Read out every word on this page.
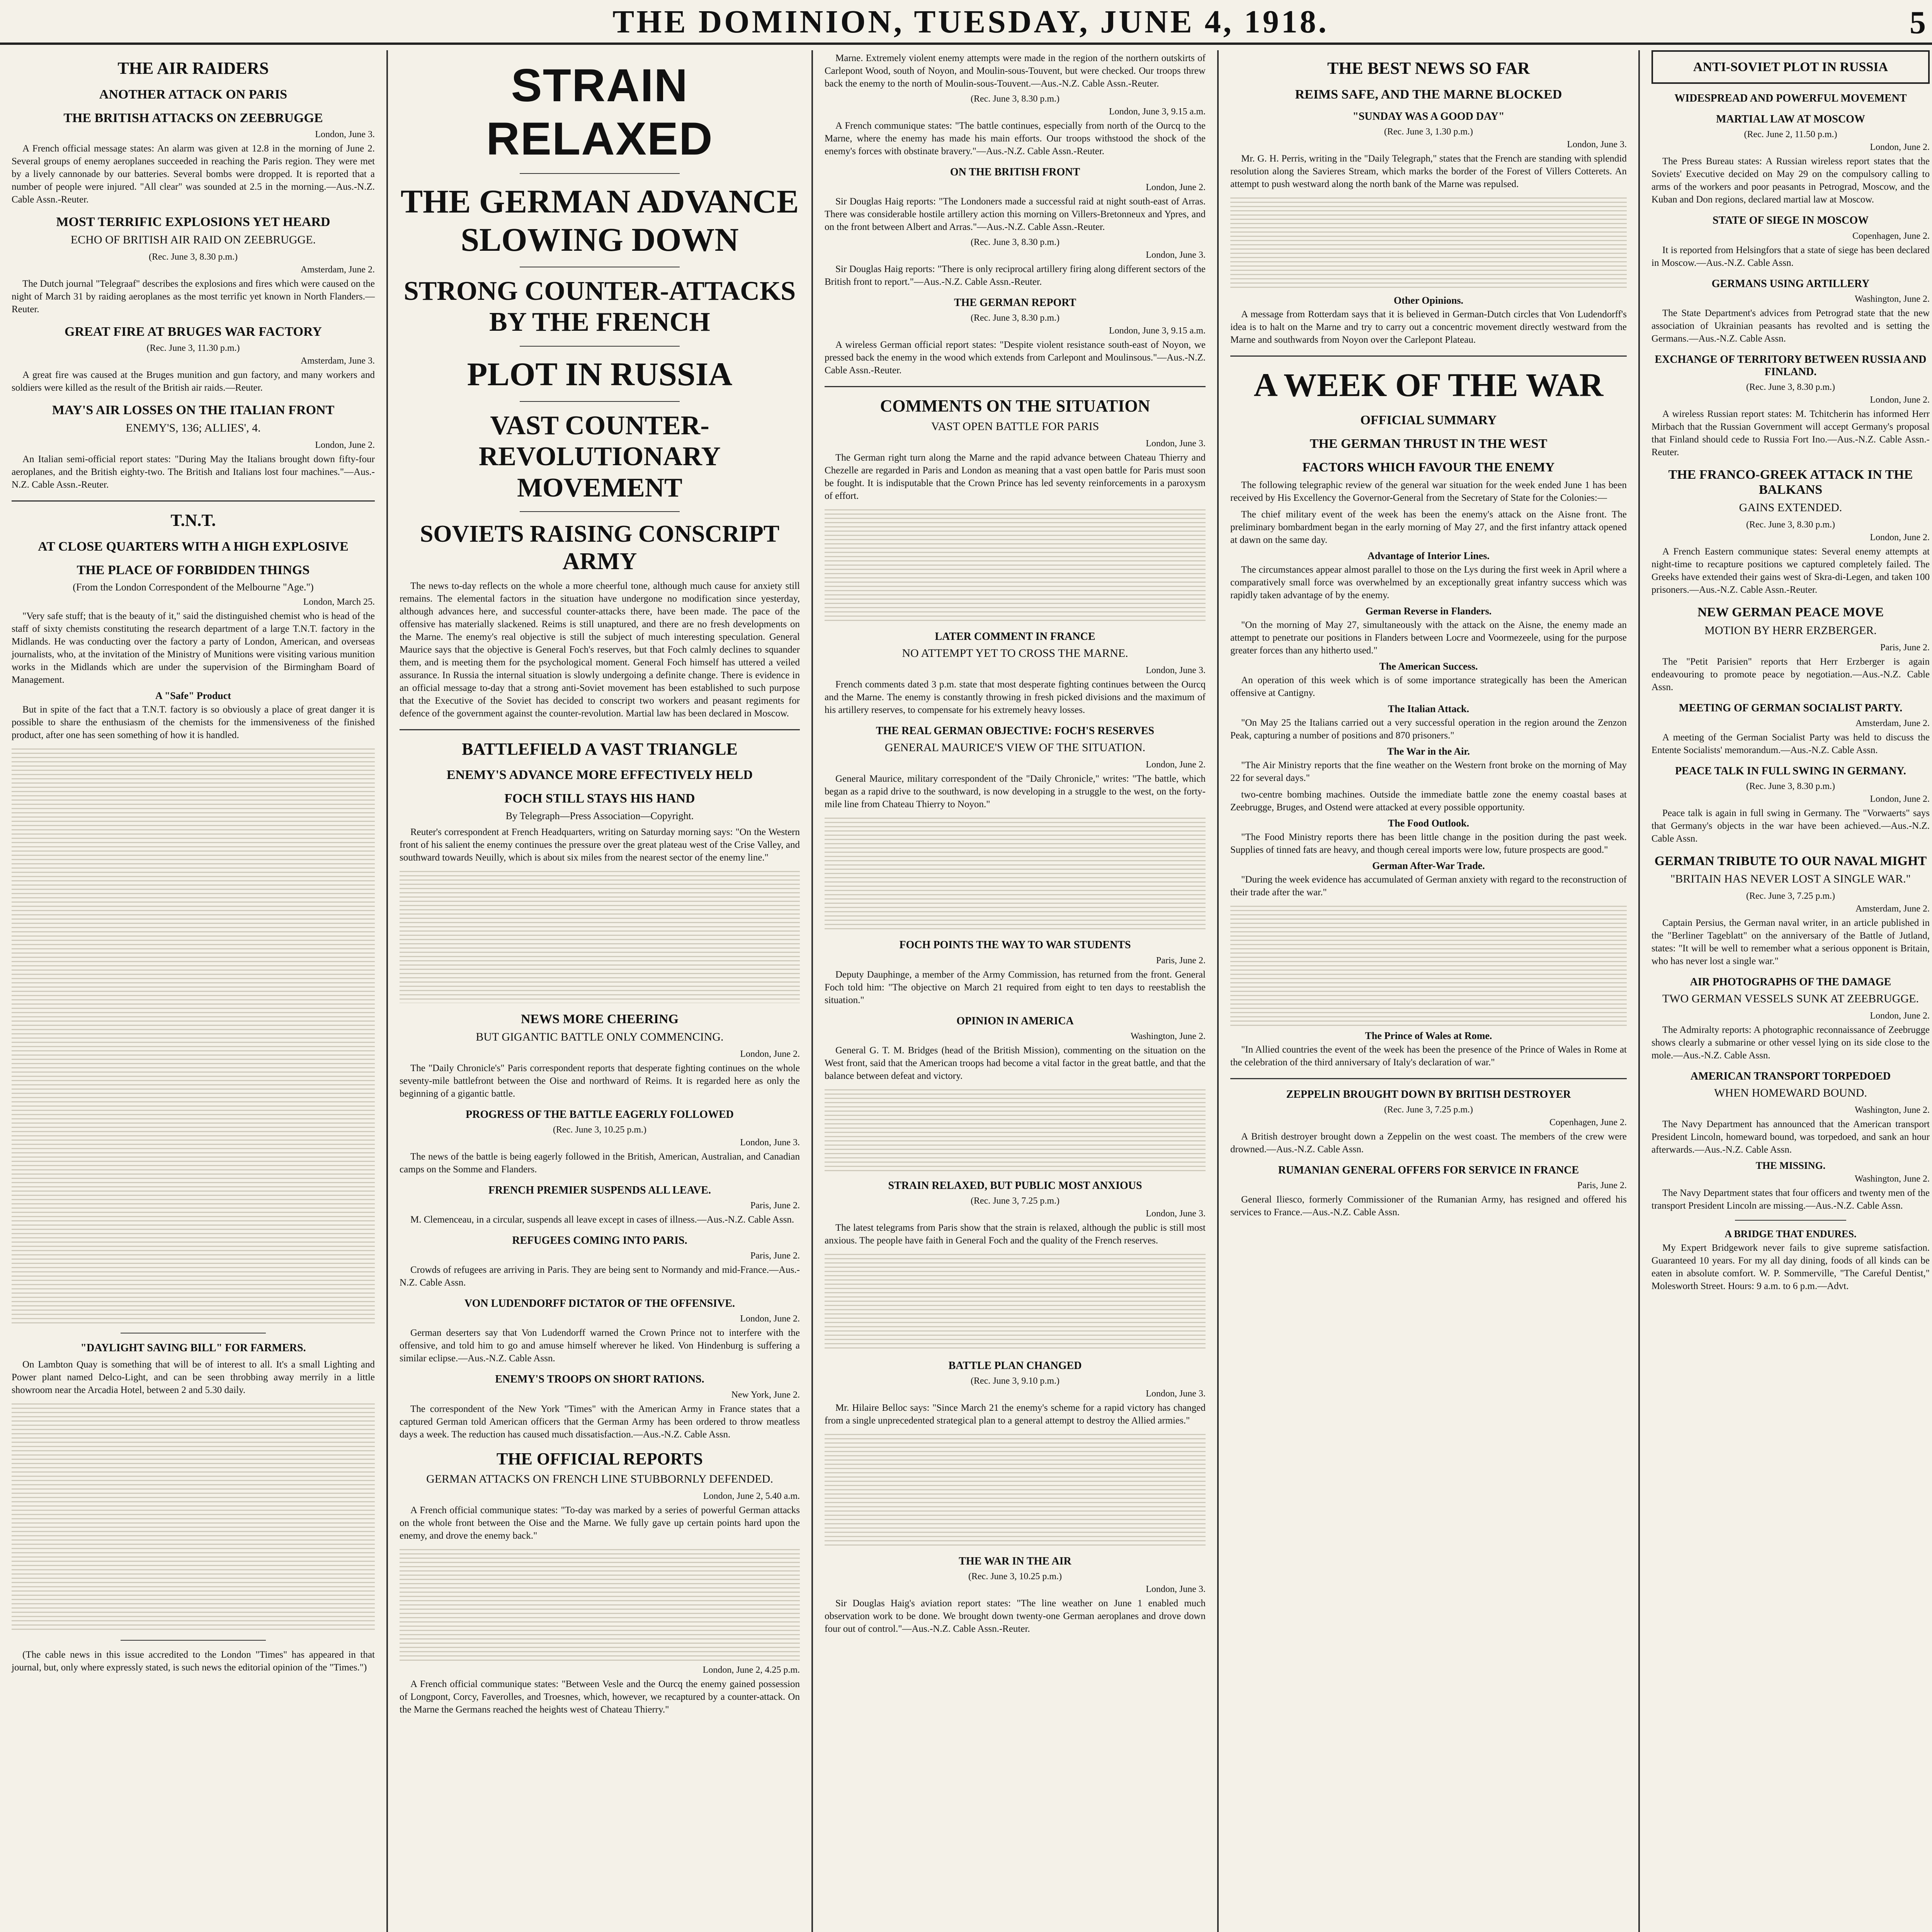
THE DOMINION, TUESDAY, JUNE 4, 1918.	5
THE AIR RAIDERS
ANOTHER ATTACK ON PARIS
THE BRITISH ATTACKS ON ZEEBRUGGE
London, June 3.

A French official message states: An alarm was given at 12.8 in the morning of June 2. Several groups of enemy aeroplanes succeeded in reaching the Paris region. They were met by a lively cannonade by our batteries. Several bombs were dropped. It is reported that a number of people were injured. "All clear" was sounded at 2.5 in the morning.—Aus.-N.Z. Cable Assn.-Reuter.

MOST TERRIFIC EXPLOSIONS YET HEARD
ECHO OF BRITISH AIR RAID ON ZEEBRUGGE.
(Rec. June 3, 8.30 p.m.)
Amsterdam, June 2.

The Dutch journal "Telegraaf" describes the explosions and fires which were caused on the night of March 31 by raiding aeroplanes as the most terrific yet known in North Flanders.—Reuter.

GREAT FIRE AT BRUGES WAR FACTORY
(Rec. June 3, 11.30 p.m.)
Amsterdam, June 3.

A great fire was caused at the Bruges munition and gun factory, and many workers and soldiers were killed as the result of the British air raids.—Reuter.

MAY'S AIR LOSSES ON THE ITALIAN FRONT
ENEMY'S, 136; ALLIES', 4.
London, June 2.

An Italian semi-official report states: "During May the Italians brought down fifty-four aeroplanes, and the British eighty-two. The British and Italians lost four machines."—Aus.-N.Z. Cable Assn.-Reuter.

T.N.T.
AT CLOSE QUARTERS WITH A HIGH EXPLOSIVE
THE PLACE OF FORBIDDEN THINGS
(From the London Correspondent of the Melbourne "Age.")
London, March 25.

"Very safe stuff; that is the beauty of it," said the distinguished chemist who is head of the staff of sixty chemists constituting the research department of a large T.N.T. factory in the Midlands. He was conducting over the factory a party of London, American, and overseas journalists, who, at the invitation of the Ministry of Munitions were visiting various munition works in the Midlands which are under the supervision of the Birmingham Board of Management.

A "Safe" Product

But in spite of the fact that a T.N.T. factory is so obviously a place of great danger it is possible to share the enthusiasm of the chemists for the immensiveness of the finished product, after one has seen something of how it is handled.

"DAYLIGHT SAVING BILL" FOR FARMERS.

On Lambton Quay is something that will be of interest to all. It's a small Lighting and Power plant named Delco-Light, and can be seen throbbing away merrily in a little showroom near the Arcadia Hotel, between 2 and 5.30 daily.

(The cable news in this issue accredited to the London "Times" has appeared in that journal, but, only where expressly stated, is such news the editorial opinion of the "Times.")

STRAIN RELAXED
THE GERMAN ADVANCE SLOWING DOWN
STRONG COUNTER-ATTACKS BY THE FRENCH
PLOT IN RUSSIA
VAST COUNTER-REVOLUTIONARY MOVEMENT
SOVIETS RAISING CONSCRIPT ARMY

The news to-day reflects on the whole a more cheerful tone, although much cause for anxiety still remains. The elemental factors in the situation have undergone no modification since yesterday, although advances here, and successful counter-attacks there, have been made. The pace of the offensive has materially slackened. Reims is still unaptured, and there are no fresh developments on the Marne. The enemy's real objective is still the subject of much interesting speculation. General Maurice says that the objective is General Foch's reserves, but that Foch calmly declines to squander them, and is meeting them for the psychological moment. General Foch himself has uttered a veiled assurance. In Russia the internal situation is slowly undergoing a definite change. There is evidence in an official message to-day that a strong anti-Soviet movement has been established to such purpose that the Executive of the Soviet has decided to conscript two workers and peasant regiments for defence of the government against the counter-revolution. Martial law has been declared in Moscow.

BATTLEFIELD A VAST TRIANGLE
ENEMY'S ADVANCE MORE EFFECTIVELY HELD
FOCH STILL STAYS HIS HAND
By Telegraph—Press Association—Copyright.

Reuter's correspondent at French Headquarters, writing on Saturday morning says: "On the Western front of his salient the enemy continues the pressure over the great plateau west of the Crise Valley, and southward towards Neuilly, which is about six miles from the nearest sector of the enemy line."

NEWS MORE CHEERING
BUT GIGANTIC BATTLE ONLY COMMENCING.
London, June 2.

The "Daily Chronicle's" Paris correspondent reports that desperate fighting continues on the whole seventy-mile battlefront between the Oise and northward of Reims. It is regarded here as only the beginning of a gigantic battle.

PROGRESS OF THE BATTLE EAGERLY FOLLOWED
(Rec. June 3, 10.25 p.m.)
London, June 3.

The news of the battle is being eagerly followed in the British, American, Australian, and Canadian camps on the Somme and Flanders.

FRENCH PREMIER SUSPENDS ALL LEAVE.
Paris, June 2.

M. Clemenceau, in a circular, suspends all leave except in cases of illness.—Aus.-N.Z. Cable Assn.

REFUGEES COMING INTO PARIS.
Paris, June 2.

Crowds of refugees are arriving in Paris. They are being sent to Normandy and mid-France.—Aus.-N.Z. Cable Assn.

VON LUDENDORFF DICTATOR OF THE OFFENSIVE.
London, June 2.

German deserters say that Von Ludendorff warned the Crown Prince not to interfere with the offensive, and told him to go and amuse himself wherever he liked. Von Hindenburg is suffering a similar eclipse.—Aus.-N.Z. Cable Assn.

ENEMY'S TROOPS ON SHORT RATIONS.
New York, June 2.

The correspondent of the New York "Times" with the American Army in France states that a captured German told American officers that the German Army has been ordered to throw meatless days a week. The reduction has caused much dissatisfaction.—Aus.-N.Z. Cable Assn.

THE OFFICIAL REPORTS
GERMAN ATTACKS ON FRENCH LINE STUBBORNLY DEFENDED.
London, June 2, 5.40 a.m.

A French official communique states: "To-day was marked by a series of powerful German attacks on the whole front between the Oise and the Marne. We fully gave up certain points hard upon the enemy, and drove the enemy back."

London, June 2, 4.25 p.m.

A French official communique states: "Between Vesle and the Ourcq the enemy gained possession of Longpont, Corcy, Faverolles, and Troesnes, which, however, we recaptured by a counter-attack. On the Marne the Germans reached the heights west of Chateau Thierry."

Marne. Extremely violent enemy attempts were made in the region of the northern outskirts of Carlepont Wood, south of Noyon, and Moulin-sous-Touvent, but were checked. Our troops threw back the enemy to the north of Moulin-sous-Touvent.—Aus.-N.Z. Cable Assn.-Reuter.

(Rec. June 3, 8.30 p.m.)
London, June 3, 9.15 a.m.

A French communique states: "The battle continues, especially from north of the Ourcq to the Marne, where the enemy has made his main efforts. Our troops withstood the shock of the enemy's forces with obstinate bravery."—Aus.-N.Z. Cable Assn.-Reuter.

ON THE BRITISH FRONT
London, June 2.

Sir Douglas Haig reports: "The Londoners made a successful raid at night south-east of Arras. There was considerable hostile artillery action this morning on Villers-Bretonneux and Ypres, and on the front between Albert and Arras."—Aus.-N.Z. Cable Assn.-Reuter.

(Rec. June 3, 8.30 p.m.)
London, June 3.

Sir Douglas Haig reports: "There is only reciprocal artillery firing along different sectors of the British front to report."—Aus.-N.Z. Cable Assn.-Reuter.

THE GERMAN REPORT
(Rec. June 3, 8.30 p.m.)
London, June 3, 9.15 a.m.

A wireless German official report states: "Despite violent resistance south-east of Noyon, we pressed back the enemy in the wood which extends from Carlepont and Moulinsous."—Aus.-N.Z. Cable Assn.-Reuter.

COMMENTS ON THE SITUATION
VAST OPEN BATTLE FOR PARIS
London, June 3.

The German right turn along the Marne and the rapid advance between Chateau Thierry and Chezelle are regarded in Paris and London as meaning that a vast open battle for Paris must soon be fought. It is indisputable that the Crown Prince has led seventy reinforcements in a paroxysm of effort.

LATER COMMENT IN FRANCE
NO ATTEMPT YET TO CROSS THE MARNE.
London, June 3.

French comments dated 3 p.m. state that most desperate fighting continues between the Ourcq and the Marne. The enemy is constantly throwing in fresh picked divisions and the maximum of his artillery reserves, to compensate for his extremely heavy losses.

THE REAL GERMAN OBJECTIVE: FOCH'S RESERVES
GENERAL MAURICE'S VIEW OF THE SITUATION.
London, June 2.

General Maurice, military correspondent of the "Daily Chronicle," writes: "The battle, which began as a rapid drive to the southward, is now developing in a struggle to the west, on the forty-mile line from Chateau Thierry to Noyon."

FOCH POINTS THE WAY TO WAR STUDENTS
Paris, June 2.

Deputy Dauphinge, a member of the Army Commission, has returned from the front. General Foch told him: "The objective on March 21 required from eight to ten days to reestablish the situation."

OPINION IN AMERICA
Washington, June 2.

General G. T. M. Bridges (head of the British Mission), commenting on the situation on the West front, said that the American troops had become a vital factor in the great battle, and that the balance between defeat and victory.

STRAIN RELAXED, BUT PUBLIC MOST ANXIOUS
(Rec. June 3, 7.25 p.m.)
London, June 3.

The latest telegrams from Paris show that the strain is relaxed, although the public is still most anxious. The people have faith in General Foch and the quality of the French reserves.

BATTLE PLAN CHANGED
(Rec. June 3, 9.10 p.m.)
London, June 3.

Mr. Hilaire Belloc says: "Since March 21 the enemy's scheme for a rapid victory has changed from a single unprecedented strategical plan to a general attempt to destroy the Allied armies."

THE WAR IN THE AIR
(Rec. June 3, 10.25 p.m.)
London, June 3.

Sir Douglas Haig's aviation report states: "The line weather on June 1 enabled much observation work to be done. We brought down twenty-one German aeroplanes and drove down four out of control."—Aus.-N.Z. Cable Assn.-Reuter.

THE BEST NEWS SO FAR
REIMS SAFE, AND THE MARNE BLOCKED
"SUNDAY WAS A GOOD DAY"
(Rec. June 3, 1.30 p.m.)
London, June 3.

Mr. G. H. Perris, writing in the "Daily Telegraph," states that the French are standing with splendid resolution along the Savieres Stream, which marks the border of the Forest of Villers Cotterets. An attempt to push westward along the north bank of the Marne was repulsed.

Other Opinions.

A message from Rotterdam says that it is believed in German-Dutch circles that Von Ludendorff's idea is to halt on the Marne and try to carry out a concentric movement directly westward from the Marne and southwards from Noyon over the Carlepont Plateau.

A WEEK OF THE WAR
OFFICIAL SUMMARY
THE GERMAN THRUST IN THE WEST
FACTORS WHICH FAVOUR THE ENEMY

The following telegraphic review of the general war situation for the week ended June 1 has been received by His Excellency the Governor-General from the Secretary of State for the Colonies:—

The chief military event of the week has been the enemy's attack on the Aisne front. The preliminary bombardment began in the early morning of May 27, and the first infantry attack opened at dawn on the same day.

Advantage of Interior Lines.

The circumstances appear almost parallel to those on the Lys during the first week in April where a comparatively small force was overwhelmed by an exceptionally great infantry success which was rapidly taken advantage of by the enemy.

German Reverse in Flanders.

"On the morning of May 27, simultaneously with the attack on the Aisne, the enemy made an attempt to penetrate our positions in Flanders between Locre and Voormezeele, using for the purpose greater forces than any hitherto used."

The American Success.

An operation of this week which is of some importance strategically has been the American offensive at Cantigny.

The Italian Attack.

"On May 25 the Italians carried out a very successful operation in the region around the Zenzon Peak, capturing a number of positions and 870 prisoners."

The War in the Air.

"The Air Ministry reports that the fine weather on the Western front broke on the morning of May 22 for several days."

two-centre bombing machines. Outside the immediate battle zone the enemy coastal bases at Zeebrugge, Bruges, and Ostend were attacked at every possible opportunity.

The Food Outlook.

"The Food Ministry reports there has been little change in the position during the past week. Supplies of tinned fats are heavy, and though cereal imports were low, future prospects are good."

German After-War Trade.

"During the week evidence has accumulated of German anxiety with regard to the reconstruction of their trade after the war."

The Prince of Wales at Rome.

"In Allied countries the event of the week has been the presence of the Prince of Wales in Rome at the celebration of the third anniversary of Italy's declaration of war."

ZEPPELIN BROUGHT DOWN BY BRITISH DESTROYER
(Rec. June 3, 7.25 p.m.)
Copenhagen, June 2.

A British destroyer brought down a Zeppelin on the west coast. The members of the crew were drowned.—Aus.-N.Z. Cable Assn.

RUMANIAN GENERAL OFFERS FOR SERVICE IN FRANCE
Paris, June 2.

General Iliesco, formerly Commissioner of the Rumanian Army, has resigned and offered his services to France.—Aus.-N.Z. Cable Assn.

ANTI-SOVIET PLOT IN RUSSIA
WIDESPREAD AND POWERFUL MOVEMENT
MARTIAL LAW AT MOSCOW
(Rec. June 2, 11.50 p.m.)
London, June 2.

The Press Bureau states: A Russian wireless report states that the Soviets' Executive decided on May 29 on the compulsory calling to arms of the workers and poor peasants in Petrograd, Moscow, and the Kuban and Don regions, declared martial law at Moscow.

STATE OF SIEGE IN MOSCOW
Copenhagen, June 2.

It is reported from Helsingfors that a state of siege has been declared in Moscow.—Aus.-N.Z. Cable Assn.

GERMANS USING ARTILLERY
Washington, June 2.

The State Department's advices from Petrograd state that the new association of Ukrainian peasants has revolted and is setting the Germans.—Aus.-N.Z. Cable Assn.

EXCHANGE OF TERRITORY BETWEEN RUSSIA AND FINLAND.
(Rec. June 3, 8.30 p.m.)
London, June 2.

A wireless Russian report states: M. Tchitcherin has informed Herr Mirbach that the Russian Government will accept Germany's proposal that Finland should cede to Russia Fort Ino.—Aus.-N.Z. Cable Assn.-Reuter.

THE FRANCO-GREEK ATTACK IN THE BALKANS
GAINS EXTENDED.
(Rec. June 3, 8.30 p.m.)
London, June 2.

A French Eastern communique states: Several enemy attempts at night-time to recapture positions we captured completely failed. The Greeks have extended their gains west of Skra-di-Legen, and taken 100 prisoners.—Aus.-N.Z. Cable Assn.-Reuter.

NEW GERMAN PEACE MOVE
MOTION BY HERR ERZBERGER.
Paris, June 2.

The "Petit Parisien" reports that Herr Erzberger is again endeavouring to promote peace by negotiation.—Aus.-N.Z. Cable Assn.

MEETING OF GERMAN SOCIALIST PARTY.
Amsterdam, June 2.

A meeting of the German Socialist Party was held to discuss the Entente Socialists' memorandum.—Aus.-N.Z. Cable Assn.

PEACE TALK IN FULL SWING IN GERMANY.
(Rec. June 3, 8.30 p.m.)
London, June 2.

Peace talk is again in full swing in Germany. The "Vorwaerts" says that Germany's objects in the war have been achieved.—Aus.-N.Z. Cable Assn.

GERMAN TRIBUTE TO OUR NAVAL MIGHT
"BRITAIN HAS NEVER LOST A SINGLE WAR."
(Rec. June 3, 7.25 p.m.)
Amsterdam, June 2.

Captain Persius, the German naval writer, in an article published in the "Berliner Tageblatt" on the anniversary of the Battle of Jutland, states: "It will be well to remember what a serious opponent is Britain, who has never lost a single war."

AIR PHOTOGRAPHS OF THE DAMAGE
TWO GERMAN VESSELS SUNK AT ZEEBRUGGE.
London, June 2.

The Admiralty reports: A photographic reconnaissance of Zeebrugge shows clearly a submarine or other vessel lying on its side close to the mole.—Aus.-N.Z. Cable Assn.

AMERICAN TRANSPORT TORPEDOED
WHEN HOMEWARD BOUND.
Washington, June 2.

The Navy Department has announced that the American transport President Lincoln, homeward bound, was torpedoed, and sank an hour afterwards.—Aus.-N.Z. Cable Assn.

THE MISSING.
Washington, June 2.

The Navy Department states that four officers and twenty men of the transport President Lincoln are missing.—Aus.-N.Z. Cable Assn.

A BRIDGE THAT ENDURES.

My Expert Bridgework never fails to give supreme satisfaction. Guaranteed 10 years. For my all day dining, foods of all kinds can be eaten in absolute comfort. W. P. Sommerville, "The Careful Dentist," Molesworth Street. Hours: 9 a.m. to 6 p.m.—Advt.
